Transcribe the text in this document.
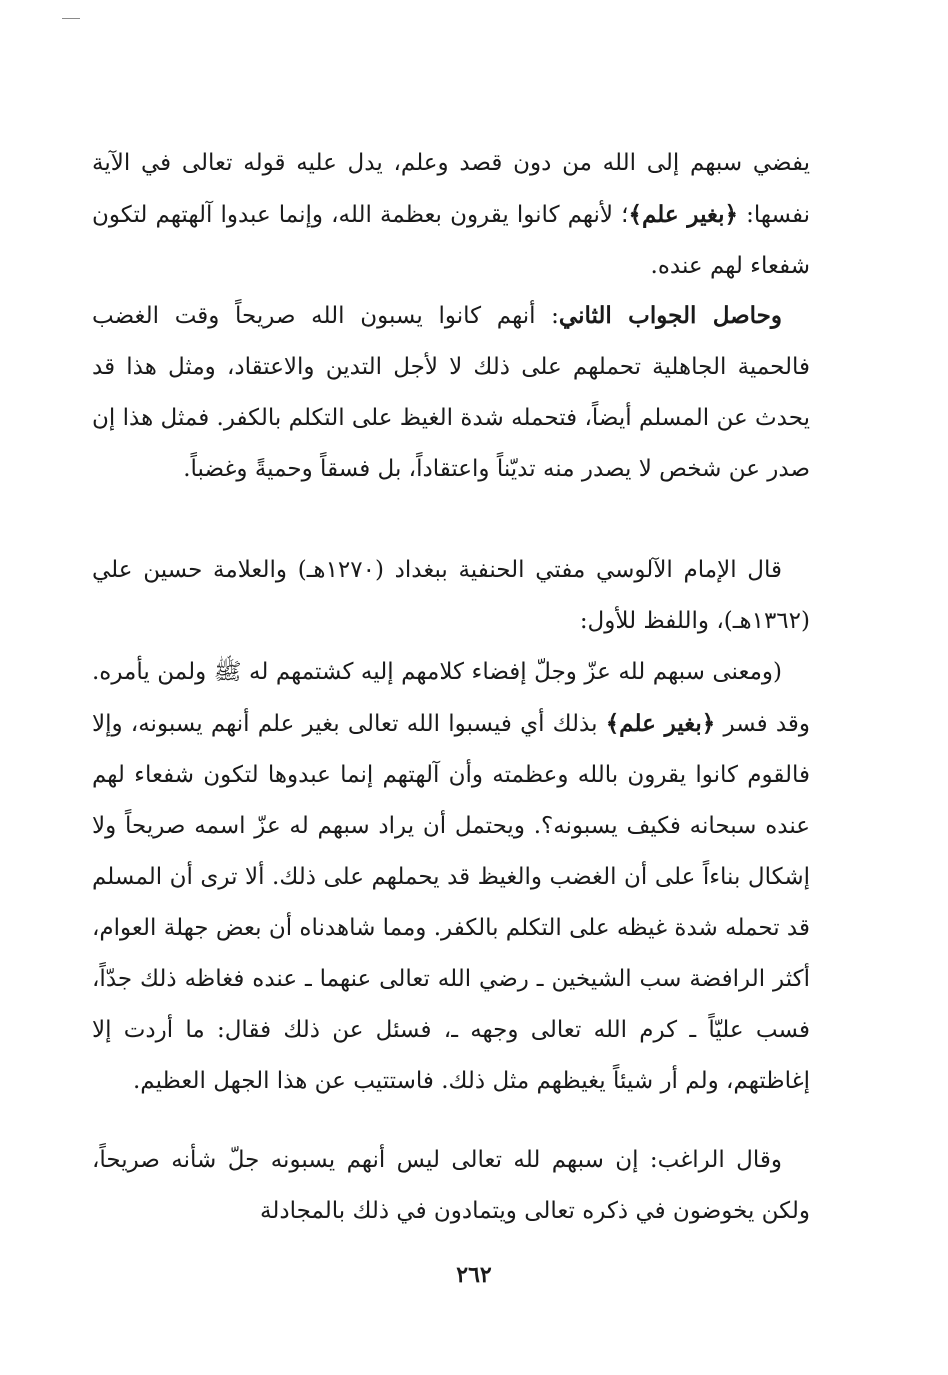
يفضي سبهم إلى الله من دون قصد وعلم، يدل عليه قوله تعالى في الآية نفسها: ﴿بغير علم﴾؛ لأنهم كانوا يقرون بعظمة الله، وإنما عبدوا آلهتهم لتكون شفعاء لهم عنده.

وحاصل الجواب الثاني: أنهم كانوا يسبون الله صريحاً وقت الغضب فالحمية الجاهلية تحملهم على ذلك لا لأجل التدين والاعتقاد، ومثل هذا قد يحدث عن المسلم أيضاً، فتحمله شدة الغيظ على التكلم بالكفر. فمثل هذا إن صدر عن شخص لا يصدر منه تديّناً واعتقاداً، بل فسقاً وحميةً وغضباً.

قال الإمام الآلوسي مفتي الحنفية ببغداد (١٢٧٠هـ) والعلامة حسين علي (١٣٦٢هـ)، واللفظ للأول:

(ومعنى سبهم لله عزّ وجلّ إفضاء كلامهم إليه كشتمهم له ﷺ ولمن يأمره. وقد فسر ﴿بغير علم﴾ بذلك أي فيسبوا الله تعالى بغير علم أنهم يسبونه، وإلا فالقوم كانوا يقرون بالله وعظمته وأن آلهتهم إنما عبدوها لتكون شفعاء لهم عنده سبحانه فكيف يسبونه؟. ويحتمل أن يراد سبهم له عزّ اسمه صريحاً ولا إشكال بناءاً على أن الغضب والغيظ قد يحملهم على ذلك. ألا ترى أن المسلم قد تحمله شدة غيظه على التكلم بالكفر. ومما شاهدناه أن بعض جهلة العوام، أكثر الرافضة سب الشيخين ـ رضي الله تعالى عنهما ـ عنده فغاظه ذلك جدّاً، فسب عليّاً ـ كرم الله تعالى وجهه ـ، فسئل عن ذلك فقال: ما أردت إلا إغاظتهم، ولم أر شيئاً يغيظهم مثل ذلك. فاستتيب عن هذا الجهل العظيم.

وقال الراغب: إن سبهم لله تعالى ليس أنهم يسبونه جلّ شأنه صريحاً، ولكن يخوضون في ذكره تعالى ويتمادون في ذلك بالمجادلة

٢٦٢
